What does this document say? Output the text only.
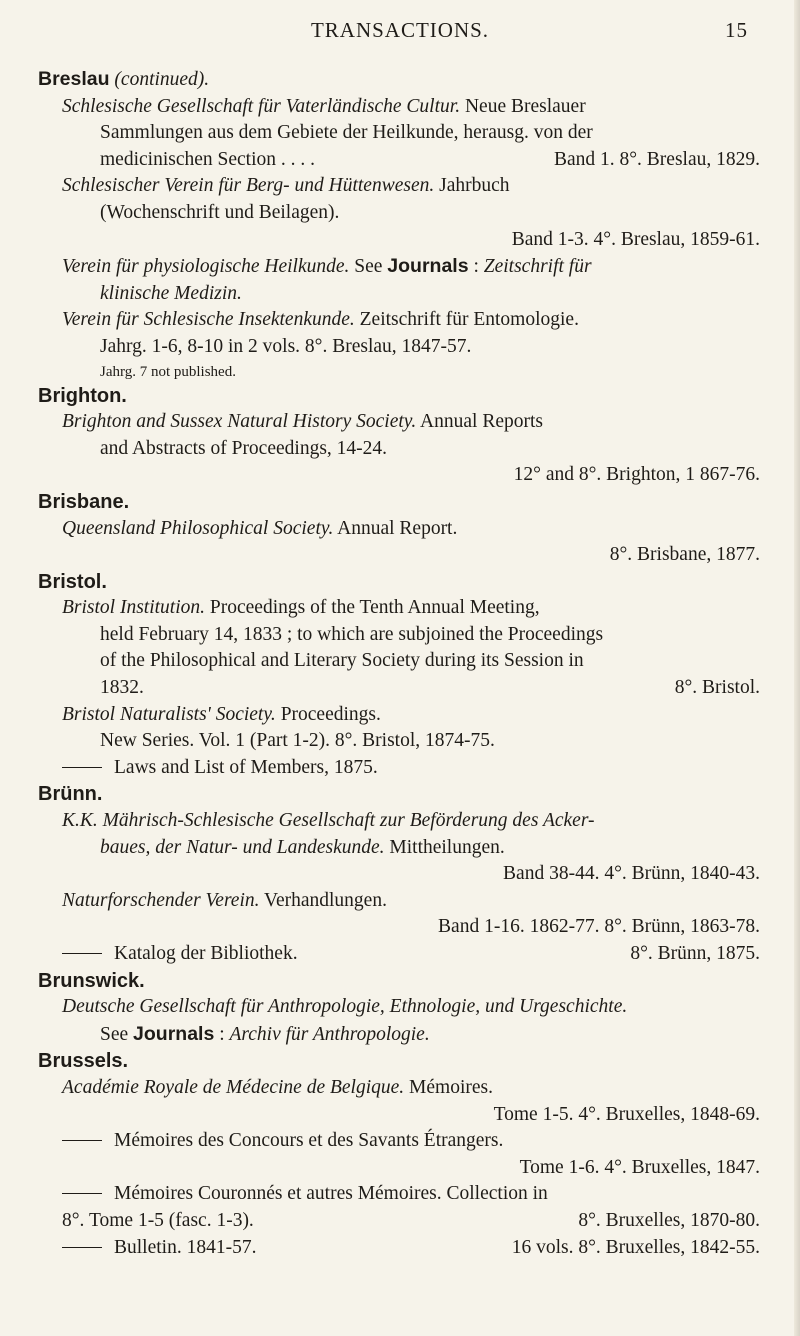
TRANSACTIONS.	15
Breslau (continued).
Schlesische Gesellschaft für Vaterländische Cultur. Neue Breslauer
Sammlungen aus dem Gebiete der Heilkunde, herausg. von der
medicinischen Section . . . .	Band 1. 8°. Breslau, 1829.
Schlesischer Verein für Berg- und Hüttenwesen. Jahrbuch
(Wochenschrift und Beilagen).
Band 1-3. 4°. Breslau, 1859-61.
Verein für physiologische Heilkunde. See Journals : Zeitschrift für
klinische Medizin.
Verein für Schlesische Insektenkunde. Zeitschrift für Entomologie.
Jahrg. 1-6, 8-10 in 2 vols. 8°. Breslau, 1847-57.
Jahrg. 7 not published.
Brighton.
Brighton and Sussex Natural History Society. Annual Reports
and Abstracts of Proceedings, 14-24.
12° and 8°. Brighton, 1 867-76.
Brisbane.
Queensland Philosophical Society. Annual Report.
8°. Brisbane, 1877.
Bristol.
Bristol Institution. Proceedings of the Tenth Annual Meeting,
held February 14, 1833 ; to which are subjoined the Proceedings
of the Philosophical and Literary Society during its Session in
1832.	8°. Bristol.
Bristol Naturalists' Society. Proceedings.
New Series. Vol. 1 (Part 1-2). 8°. Bristol, 1874-75.
Laws and List of Members, 1875.
Brünn.
K.K. Mährisch-Schlesische Gesellschaft zur Beförderung des Acker-
baues, der Natur- und Landeskunde. Mittheilungen.
Band 38-44. 4°. Brünn, 1840-43.
Naturforschender Verein. Verhandlungen.
Band 1-16. 1862-77. 8°. Brünn, 1863-78.
Katalog der Bibliothek.	8°. Brünn, 1875.
Brunswick.
Deutsche Gesellschaft für Anthropologie, Ethnologie, und Urgeschichte.
See Journals : Archiv für Anthropologie.
Brussels.
Académie Royale de Médecine de Belgique. Mémoires.
Tome 1-5. 4°. Bruxelles, 1848-69.
Mémoires des Concours et des Savants Étrangers.
Tome 1-6. 4°. Bruxelles, 1847.
Mémoires Couronnés et autres Mémoires. Collection in
8°. Tome 1-5 (fasc. 1-3).	8°. Bruxelles, 1870-80.
Bulletin. 1841-57.	16 vols. 8°. Bruxelles, 1842-55.
